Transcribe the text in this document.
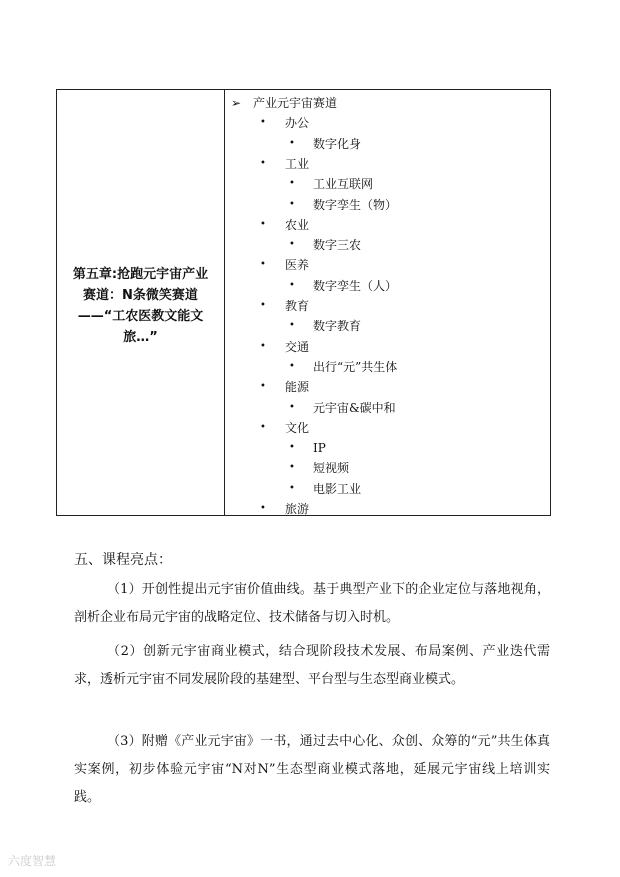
第五章:抢跑元宇宙产业赛道：N条微笑赛道——“工农医教文能文旅…”
➢ 产业元宇宙赛道
• 办公
• 数字化身
• 工业
• 工业互联网
• 数字孪生（物）
• 农业
• 数字三农
• 医养
• 数字孪生（人）
• 教育
• 数字教育
• 交通
• 出行“元”共生体
• 能源
• 元宇宙&碳中和
• 文化
• IP
• 短视频
• 电影工业
• 旅游
五、课程亮点：
（1）开创性提出元宇宙价值曲线。基于典型产业下的企业定位与落地视角，剖析企业布局元宇宙的战略定位、技术储备与切入时机。
（2）创新元宇宙商业模式，结合现阶段技术发展、布局案例、产业迭代需求，透析元宇宙不同发展阶段的基建型、平台型与生态型商业模式。
（3）附赠《产业元宇宙》一书，通过去中心化、众创、众筹的“元”共生体真实案例，初步体验元宇宙“N对N”生态型商业模式落地，延展元宇宙线上培训实践。
六度智慧
